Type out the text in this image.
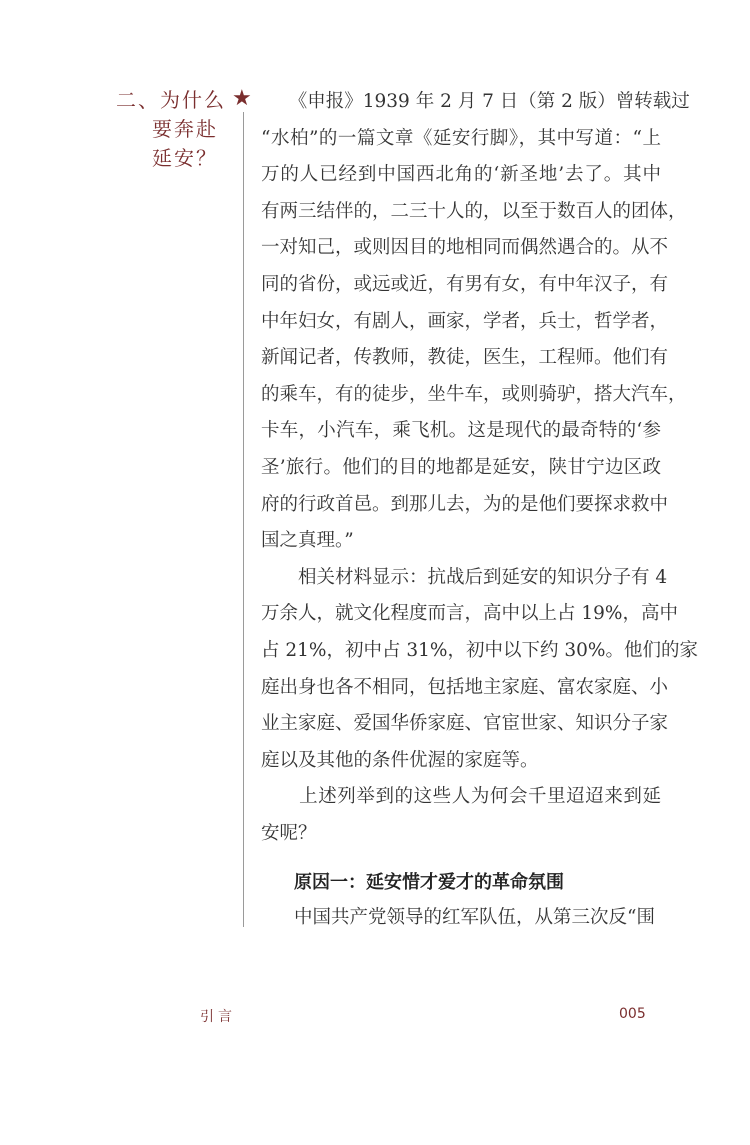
二、为什么
要奔赴
延安？
★ 　　《申报》1939 年 2 月 7 日（第 2 版）曾转载过
“水柏”的一篇文章《延安行脚》，其中写道：“上
万的人已经到中国西北角的‘新圣地’去了。其中
有两三结伴的，二三十人的，以至于数百人的团体，
一对知己，或则因目的地相同而偶然遇合的。从不
同的省份，或远或近，有男有女，有中年汉子，有
中年妇女，有剧人，画家，学者，兵士，哲学者，
新闻记者，传教师，教徒，医生，工程师。他们有
的乘车，有的徒步，坐牛车，或则骑驴，搭大汽车，
卡车，小汽车，乘飞机。这是现代的最奇特的‘参
圣’旅行。他们的目的地都是延安，陕甘宁边区政
府的行政首邑。到那儿去，为的是他们要探求救中
国之真理。”
　　相关材料显示：抗战后到延安的知识分子有 4
万余人，就文化程度而言，高中以上占 19%，高中
占 21%，初中占 31%，初中以下约 30%。他们的家
庭出身也各不相同，包括地主家庭、富农家庭、小
业主家庭、爱国华侨家庭、官宦世家、知识分子家
庭以及其他的条件优渥的家庭等。
　　上述列举到的这些人为何会千里迢迢来到延
安呢？
原因一：延安惜才爱才的革命氛围
中国共产党领导的红军队伍，从第三次反“围
引言	005
